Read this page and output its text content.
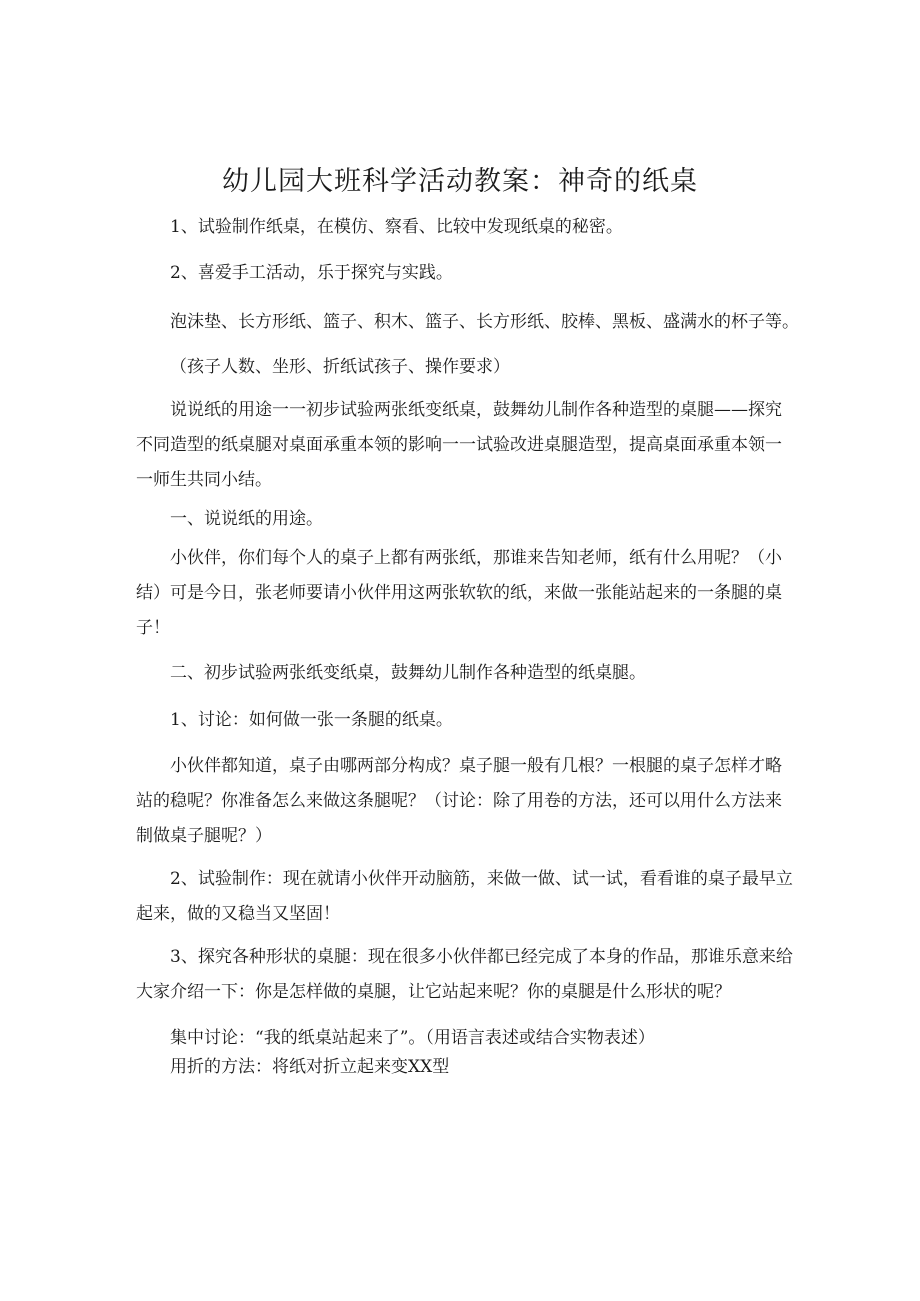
幼儿园大班科学活动教案：神奇的纸桌
1、试验制作纸桌，在模仿、察看、比较中发现纸桌的秘密。
2、喜爱手工活动，乐于探究与实践。
泡沫垫、长方形纸、篮子、积木、篮子、长方形纸、胶棒、黑板、盛满水的杯子等。
（孩子人数、坐形、折纸试孩子、操作要求）
说说纸的用途一一初步试验两张纸变纸桌，鼓舞幼儿制作各种造型的桌腿——探究不同造型的纸桌腿对桌面承重本领的影响一一试验改进桌腿造型，提高桌面承重本领一一师生共同小结。
一、说说纸的用途。
小伙伴，你们每个人的桌子上都有两张纸，那谁来告知老师，纸有什么用呢？（小结）可是今日，张老师要请小伙伴用这两张软软的纸，来做一张能站起来的一条腿的桌子！
二、初步试验两张纸变纸桌，鼓舞幼儿制作各种造型的纸桌腿。
1、讨论：如何做一张一条腿的纸桌。
小伙伴都知道，桌子由哪两部分构成？桌子腿一般有几根？一根腿的桌子怎样才略站的稳呢？你准备怎么来做这条腿呢？（讨论：除了用卷的方法，还可以用什么方法来制做桌子腿呢？）
2、试验制作：现在就请小伙伴开动脑筋，来做一做、试一试，看看谁的桌子最早立起来，做的又稳当又坚固！
3、探究各种形状的桌腿：现在很多小伙伴都已经完成了本身的作品，那谁乐意来给大家介绍一下：你是怎样做的桌腿，让它站起来呢？你的桌腿是什么形状的呢？
集中讨论：“我的纸桌站起来了”。（用语言表述或结合实物表述）
用折的方法：将纸对折立起来变XX型
